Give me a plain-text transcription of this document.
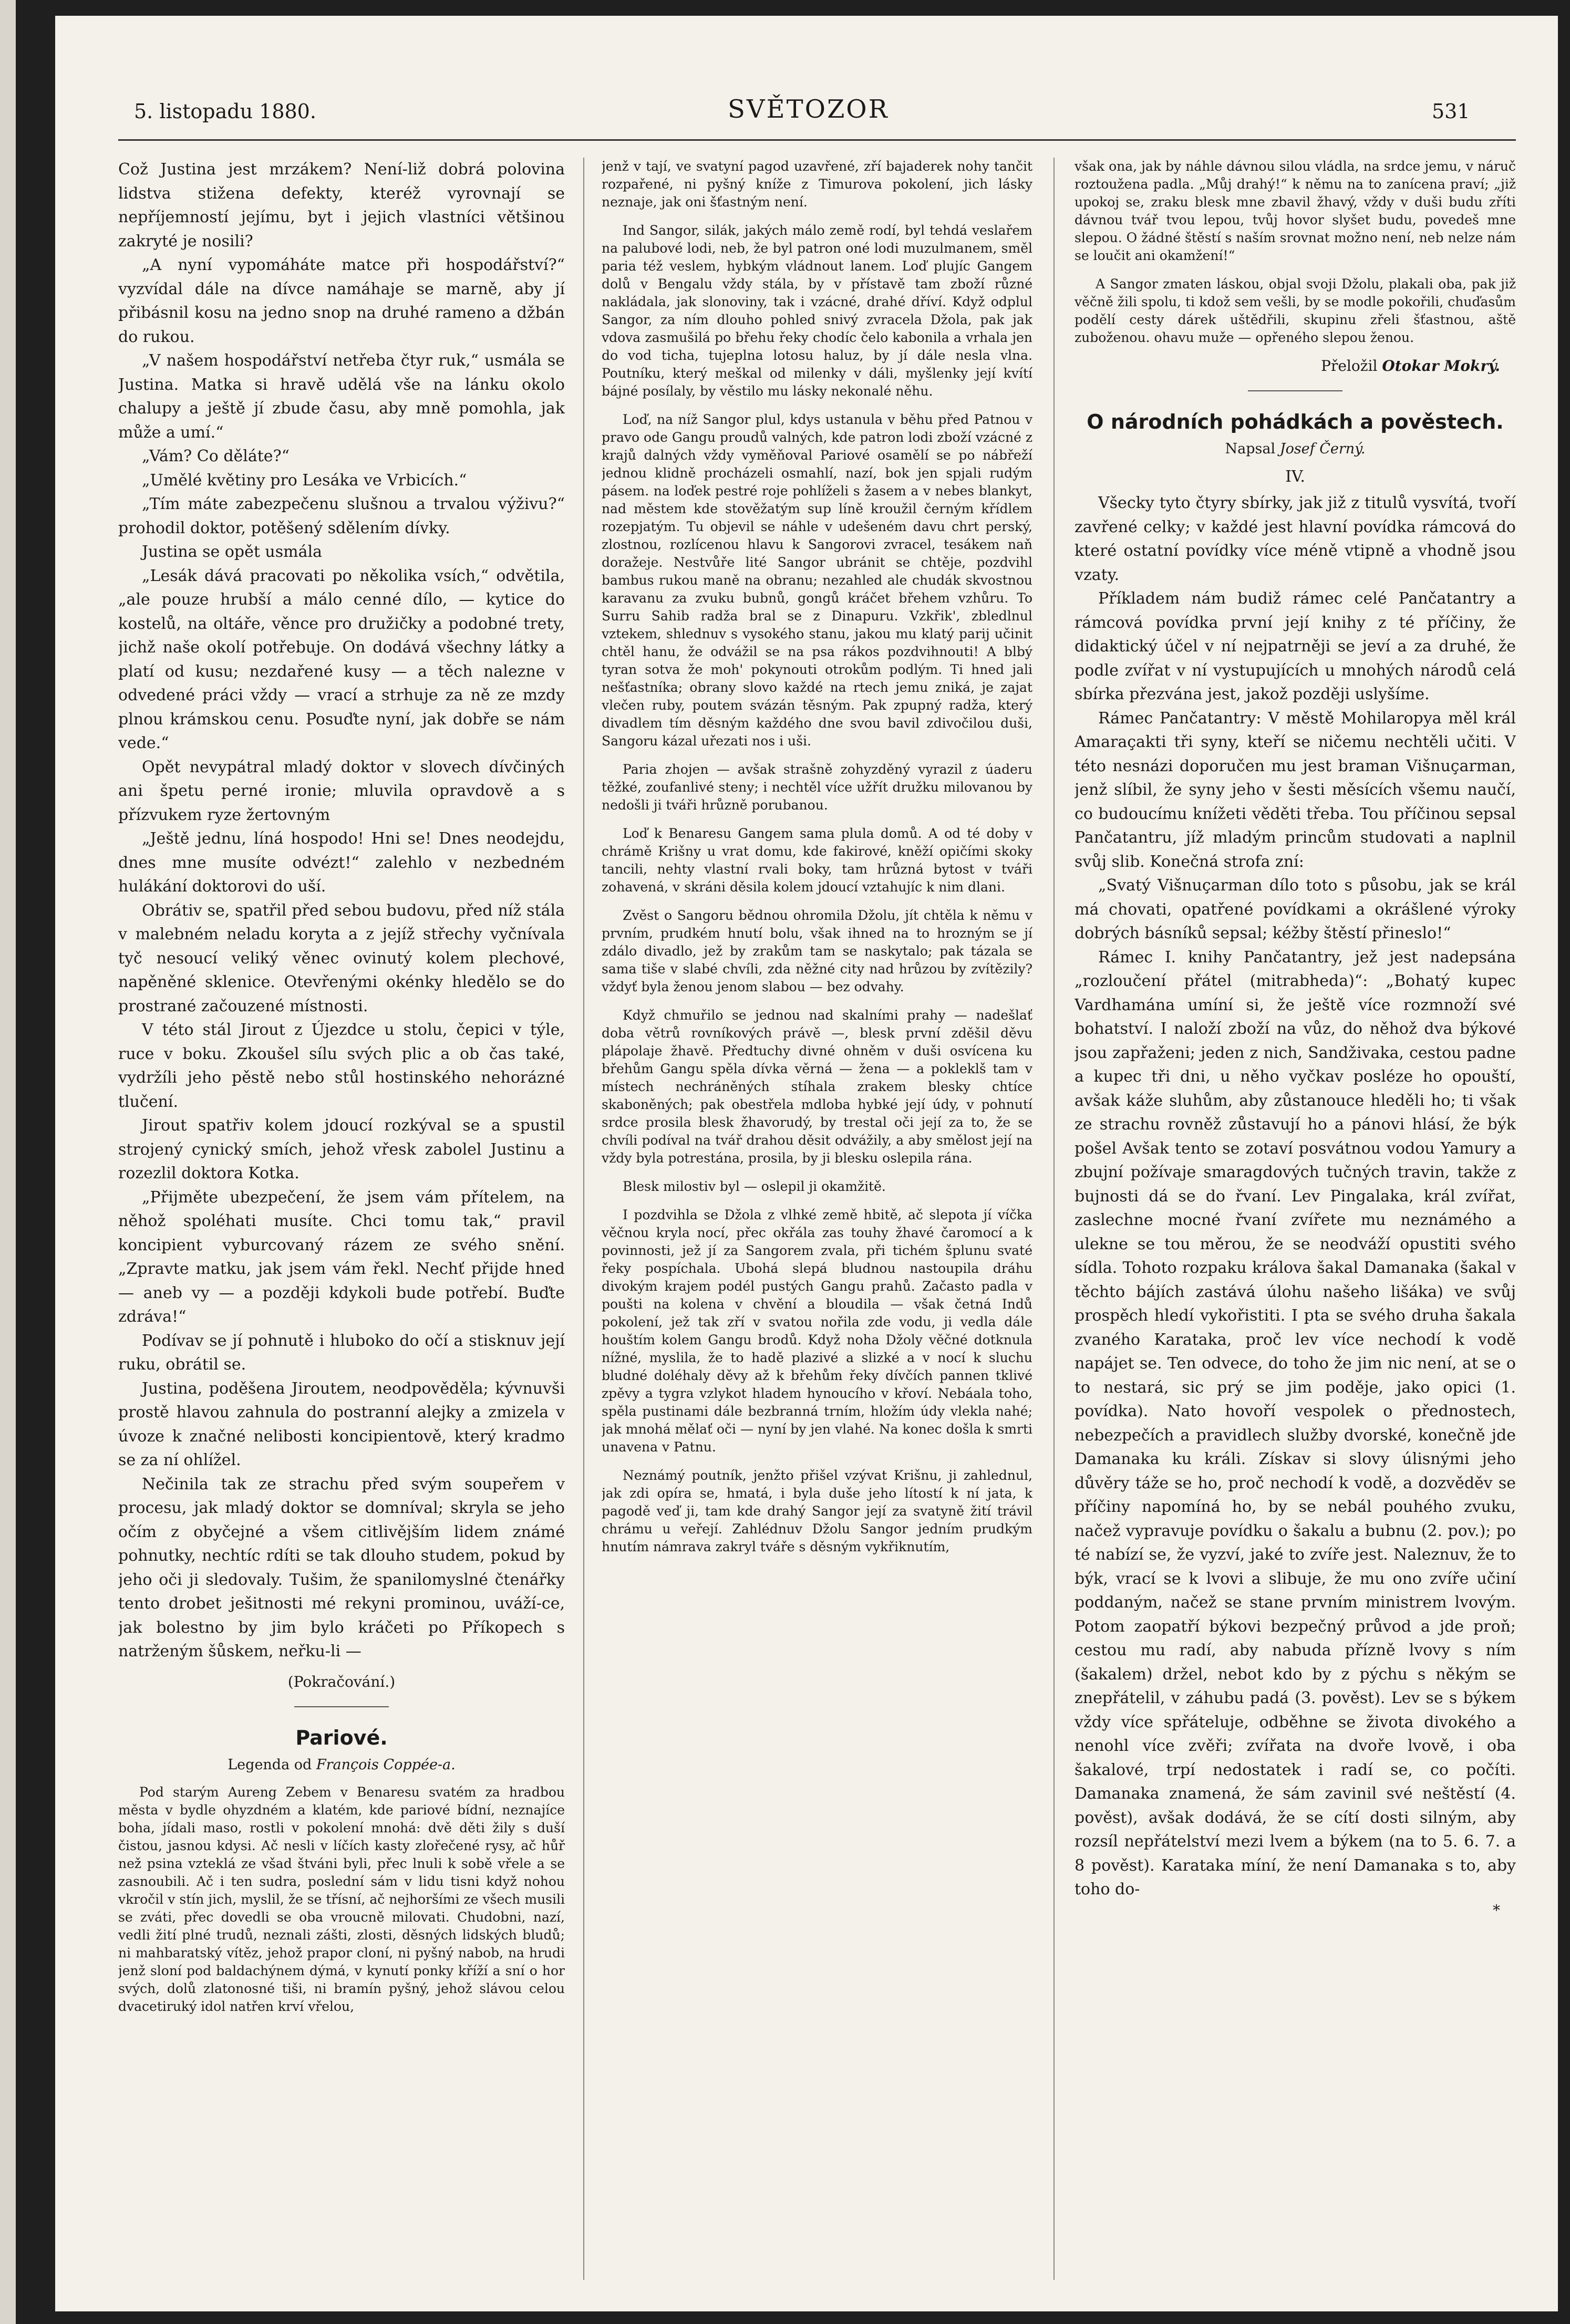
5. listopadu 1880.	SVĚTOZOR	531

Což Justina jest mrzákem? Není-liž dobrá polovina lidstva stižena defekty, kteréž vyrovnají se nepříjemností jejímu, byt i jejich vlastníci většinou zakryté je nosili?

„A nyní vypomáháte matce při hospodářství?“ vyzvídal dále na dívce namáhaje se marně, aby jí přibásnil kosu na jedno snop na druhé rameno a džbán do rukou.

„V našem hospodářství netřeba čtyr ruk,“ usmála se Justina. Matka si hravě udělá vše na lánku okolo chalupy a ještě jí zbude času, aby mně pomohla, jak může a umí.“

„Vám? Co děláte?“

„Umělé květiny pro Lesáka ve Vrbicích.“

„Tím máte zabezpečenu slušnou a trvalou výživu?“ prohodil doktor, potěšený sdělením dívky.

Justina se opět usmála

„Lesák dává pracovati po několika vsích,“ odvětila, „ale pouze hrubší a málo cenné dílo, — kytice do kostelů, na oltáře, věnce pro družičky a podobné trety, jichž naše okolí potřebuje. On dodává všechny látky a platí od kusu; nezdařené kusy — a těch nalezne v odvedené práci vždy — vrací a strhuje za ně ze mzdy plnou krámskou cenu. Posuďte nyní, jak dobře se nám vede.“

Opět nevypátral mladý doktor v slovech dívčiných ani špetu perné ironie; mluvila opravdově a s přízvukem ryze žertovným

„Ještě jednu, líná hospodo! Hni se! Dnes neodejdu, dnes mne musíte odvézt!“ zalehlo v nezbedném hulákání doktorovi do uší.

Obrátiv se, spatřil před sebou budovu, před níž stála v malebném neladu koryta a z jejíž střechy vyčnívala tyč nesoucí veliký věnec ovinutý kolem plechové, napěněné sklenice. Otevřenými okénky hledělo se do prostrané začouzené místnosti.

V této stál Jirout z Újezdce u stolu, čepici v týle, ruce v boku. Zkoušel sílu svých plic a ob čas také, vydržíli jeho pěstě nebo stůl hostinského nehorázné tlučení.

Jirout spatřiv kolem jdoucí rozkýval se a spustil strojený cynický smích, jehož vřesk zabolel Justinu a rozezlil doktora Kotka.

„Přijměte ubezpečení, že jsem vám přítelem, na něhož spoléhati musíte. Chci tomu tak,“ pravil koncipient vyburcovaný rázem ze svého snění. „Zpravte matku, jak jsem vám řekl. Nechť přijde hned — aneb vy — a později kdykoli bude potřebí. Buďte zdráva!“

Podívav se jí pohnutě i hluboko do očí a stisknuv její ruku, obrátil se.

Justina, poděšena Jiroutem, neodpověděla; kývnuvši prostě hlavou zahnula do postranní alejky a zmizela v úvoze k značné nelibosti koncipientově, který kradmo se za ní ohlížel.

Nečinila tak ze strachu před svým soupeřem v procesu, jak mladý doktor se domníval; skryla se jeho očím z obyčejné a všem citlivějším lidem známé pohnutky, nechtíc rdíti se tak dlouho studem, pokud by jeho oči ji sledovaly. Tušim, že spanilomyslné čtenářky tento drobet ješitnosti mé rekyni prominou, uváží-ce, jak bolestno by jim bylo kráčeti po Příkopech s natrženým šůskem, neřku-li —

(Pokračování.)
Pariové.
Legenda od François Coppée-a.

Pod starým Aureng Zebem v Benaresu svatém za hradbou města v bydle ohyzdném a klatém, kde pariové bídní, neznajíce boha, jídali maso, rostli v pokolení mnohá: dvě děti žily s duší čistou, jasnou kdysi. Ač nesli v líčích kasty zlořečené rysy, ač hůř než psina vzteklá ze všad štváni byli, přec lnuli k sobě vřele a se zasnoubili. Ač i ten sudra, poslední sám v lidu tisni když nohou vkročil v stín jich, myslil, že se třísní, ač nejhoršími ze všech musili se zváti, přec dovedli se oba vroucně milovati. Chudobni, nazí, vedli žití plné trudů, neznali zášti, zlosti, děsných lidských bludů; ni mahbaratský vítěz, jehož prapor cloní, ni pyšný nabob, na hrudi jenž sloní pod baldachýnem dýmá, v kynutí ponky kříží a sní o hor svých, dolů zlatonosné tiši, ni bramín pyšný, jehož slávou celou dvacetiruký idol natřen krví vřelou,

jenž v tají, ve svatyní pagod uzavřené, zří bajaderek nohy tančit rozpařené, ni pyšný kníže z Timurova pokolení, jich lásky neznaje, jak oni šťastným není.

Ind Sangor, silák, jakých málo země rodí, byl tehdá veslařem na palubové lodi, neb, že byl patron oné lodi muzulmanem, směl paria též veslem, hybkým vládnout lanem. Loď plujíc Gangem dolů v Bengalu vždy stála, by v přístavě tam zboží různé nakládala, jak slonoviny, tak i vzácné, drahé dříví. Když odplul Sangor, za ním dlouho pohled snivý zvracela Džola, pak jak vdova zasmušilá po břehu řeky chodíc čelo kabonila a vrhala jen do vod ticha, tujeplna lotosu haluz, by jí dále nesla vlna. Poutníku, který meškal od milenky v dáli, myšlenky její kvítí bájné posílaly, by věstilo mu lásky nekonalé něhu.

Loď, na níž Sangor plul, kdys ustanula v běhu před Patnou v pravo ode Gangu proudů valných, kde patron lodi zboží vzácné z krajů dalných vždy vyměňoval Pariové osamělí se po nábřeží jednou klidně procházeli osmahlí, nazí, bok jen spjali rudým pásem. na loďek pestré roje pohlíželi s žasem a v nebes blankyt, nad městem kde stověžatým sup líně kroužil černým křídlem rozepjatým. Tu objevil se náhle v udešeném davu chrt perský, zlostnou, rozlícenou hlavu k Sangorovi zvracel, tesákem naň doražeje. Nestvůře lité Sangor ubránit se chtěje, pozdvihl bambus rukou maně na obranu; nezahled ale chudák skvostnou karavanu za zvuku bubnů, gongů kráčet břehem vzhůru. To Surru Sahib radža bral se z Dinapuru. Vzkřik', zbledlnul vztekem, shlednuv s vysokého stanu, jakou mu klatý parij učinit chtěl hanu, že odvážil se na psa rákos pozdvihnouti! A blbý tyran sotva že moh' pokynouti otrokům podlým. Ti hned jali nešťastníka; obrany slovo každé na rtech jemu zniká, je zajat vlečen ruby, poutem svázán těsným. Pak zpupný radža, který divadlem tím děsným každého dne svou bavil zdivočilou duši, Sangoru kázal uřezati nos i uši.

Paria zhojen — avšak strašně zohyzděný vyrazil z úaderu těžké, zoufanlivé steny; i nechtěl více užřít družku milovanou by nedošli ji tváři hrůzně porubanou.

Loď k Benaresu Gangem sama plula domů. A od té doby v chrámě Krišny u vrat domu, kde fakirové, kněží opičími skoky tancili, nehty vlastní rvali boky, tam hrůzná bytost v tváři zohavená, v skráni děsila kolem jdoucí vztahujíc k nim dlani.

Zvěst o Sangoru bědnou ohromila Džolu, jít chtěla k němu v prvním, prudkém hnutí bolu, však ihned na to hrozným se jí zdálo divadlo, jež by zrakům tam se naskytalo; pak tázala se sama tiše v slabé chvíli, zda něžné city nad hrůzou by zvítězily? vždyť byla ženou jenom slabou — bez odvahy.

Když chmuřilo se jednou nad skalními prahy — nadešlať doba větrů rovníkových právě —, blesk první zděšil děvu plápolaje žhavě. Předtuchy divné ohněm v duši osvícena ku břehům Gangu spěla dívka věrná — žena — a pokleklš tam v místech nechráněných stíhala zrakem blesky chtíce skaboněných; pak obestřela mdloba hybké její údy, v pohnutí srdce prosila blesk žhavorudý, by trestal oči její za to, že se chvíli podíval na tvář drahou děsit odvážily, a aby smělost její na vždy byla potrestána, prosila, by ji blesku oslepila rána.

Blesk milostiv byl — oslepil ji okamžitě.

I pozdvihla se Džola z vlhké země hbitě, ač slepota jí víčka věčnou kryla nocí, přec okřála zas touhy žhavé čaromocí a k povinnosti, jež jí za Sangorem zvala, při tichém šplunu svaté řeky pospíchala. Ubohá slepá bludnou nastoupila dráhu divokým krajem podél pustých Gangu prahů. Začasto padla v poušti na kolena v chvění a bloudila — však četná Indů pokolení, jež tak zří v svatou nořila zde vodu, ji vedla dále houštím kolem Gangu brodů. Když noha Džoly věčné dotknula nížné, myslila, že to hadě plazivé a slizké a v nocí k sluchu bludné doléhaly děvy až k břehům řeky dívčích pannen tklivé zpěvy a tygra vzlykot hladem hynoucího v křoví. Nebáala toho, spěla pustinami dále bezbranná trním, hložím údy vlekla nahé; jak mnohá mělať oči — nyní by jen vlahé. Na konec došla k smrti unavena v Patnu.

Neznámý poutník, jenžto přišel vzývat Krišnu, ji zahlednul, jak zdi opíra se, hmatá, i byla duše jeho lítostí k ní jata, k pagodě veď ji, tam kde drahý Sangor její za svatyně žití trávil chrámu u veřejí. Zahlédnuv Džolu Sangor jedním prudkým hnutím námrava zakryl tváře s děsným vykřiknutím,

však ona, jak by náhle dávnou silou vládla, na srdce jemu, v náruč roztoužena padla. „Můj drahý!“ k němu na to zanícena praví; „již upokoj se, zraku blesk mne zbavil žhavý, vždy v duši budu zříti dávnou tvář tvou lepou, tvůj hovor slyšet budu, povedeš mne slepou. O žádné štěstí s naším srovnat možno není, neb nelze nám se loučit ani okamžení!“

A Sangor zmaten láskou, objal svoji Džolu, plakali oba, pak již věčně žili spolu, ti kdož sem vešli, by se modle pokořili, chuďasům podělí cesty dárek uštědřili, skupinu zřeli šťastnou, aště zuboženou. ohavu muže — opřeného slepou ženou.

Přeložil Otokar Mokrý.
O národních pohádkách a pověstech.
Napsal Josef Černý.
IV.

Všecky tyto čtyry sbírky, jak již z titulů vysvítá, tvoří zavřené celky; v každé jest hlavní povídka rámcová do které ostatní povídky více méně vtipně a vhodně jsou vzaty.

Příkladem nám budiž rámec celé Pančatantry a rámcová povídka první její knihy z té příčiny, že didaktický účel v ní nejpatrněji se jeví a za druhé, že podle zvířat v ní vystupujících u mnohých národů celá sbírka přezvána jest, jakož později uslyšíme.

Rámec Pančatantry: V městě Mohilaropya měl král Amaraçakti tři syny, kteří se ničemu nechtěli učiti. V této nesnázi doporučen mu jest braman Višnuçarman, jenž slíbil, že syny jeho v šesti měsících všemu naučí, co budoucímu knížeti věděti třeba. Tou příčinou sepsal Pančatantru, jíž mladým princům studovati a naplnil svůj slib. Konečná strofa zní:

„Svatý Višnuçarman dílo toto s působu, jak se král má chovati, opatřené povídkami a okrášlené výroky dobrých básníků sepsal; kéžby štěstí přineslo!“

Rámec I. knihy Pančatantry, jež jest nadepsána „rozloučení přátel (mitrabheda)“: „Bohatý kupec Vardhamána umíní si, že ještě více rozmnoží své bohatství. I naloží zboží na vůz, do něhož dva býkové jsou zapřaženi; jeden z nich, Sandživaka, cestou padne a kupec tři dni, u něho vyčkav posléze ho opouští, avšak káže sluhům, aby zůstanouce hleděli ho; ti však ze strachu rovněž zůstavují ho a pánovi hlásí, že býk pošel Avšak tento se zotaví posvátnou vodou Yamury a zbujní požívaje smaragdových tučných travin, takže z bujnosti dá se do řvaní. Lev Pingalaka, král zvířat, zaslechne mocné řvaní zvířete mu neznámého a ulekne se tou měrou, že se neodváží opustiti svého sídla. Tohoto rozpaku králova šakal Damanaka (šakal v těchto bájích zastává úlohu našeho lišáka) ve svůj prospěch hledí vykořistiti. I pta se svého druha šakala zvaného Karataka, proč lev více nechodí k vodě napájet se. Ten odvece, do toho že jim nic není, at se o to nestará, sic prý se jim podějе, jako opici (1. povídka). Nato hovoří vespolek o přednostech, nebezpečích a pravidlech služby dvorské, konečně jde Damanaka ku králi. Získav si slovy úlisnými jeho důvěry táže se ho, proč nechodí k vodě, a dozvěděv se příčiny napomíná ho, by se nebál pouhého zvuku, načež vypravuje povídku o šakalu a bubnu (2. pov.); po té nabízí se, že vyzví, jaké to zvíře jest. Naleznuv, že to býk, vrací se k lvovi a slibuje, že mu ono zvíře učiní poddaným, načež se stane prvním ministrem lvovým. Potom zaopatří býkovi bezpečný průvod a jde proň; cestou mu radí, aby nabuda přízně lvovy s ním (šakalem) držel, nebot kdo by z pýchu s někým se znepřátelil, v záhubu padá (3. pověst). Lev se s býkem vždy více spřáteluje, odběhne se života divokého a nenohl více zvěři; zvířata na dvoře lvově, i oba šakalové, trpí nedostatek i radí se, co počíti. Damanaka znamená, že sám zavinil své neštěstí (4. pověst), avšak dodává, že se cítí dosti silným, aby rozsíl nepřátelství mezi lvem a býkem (na to 5. 6. 7. a 8 pověst). Karataka míní, že není Damanaka s to, aby toho do-

*
